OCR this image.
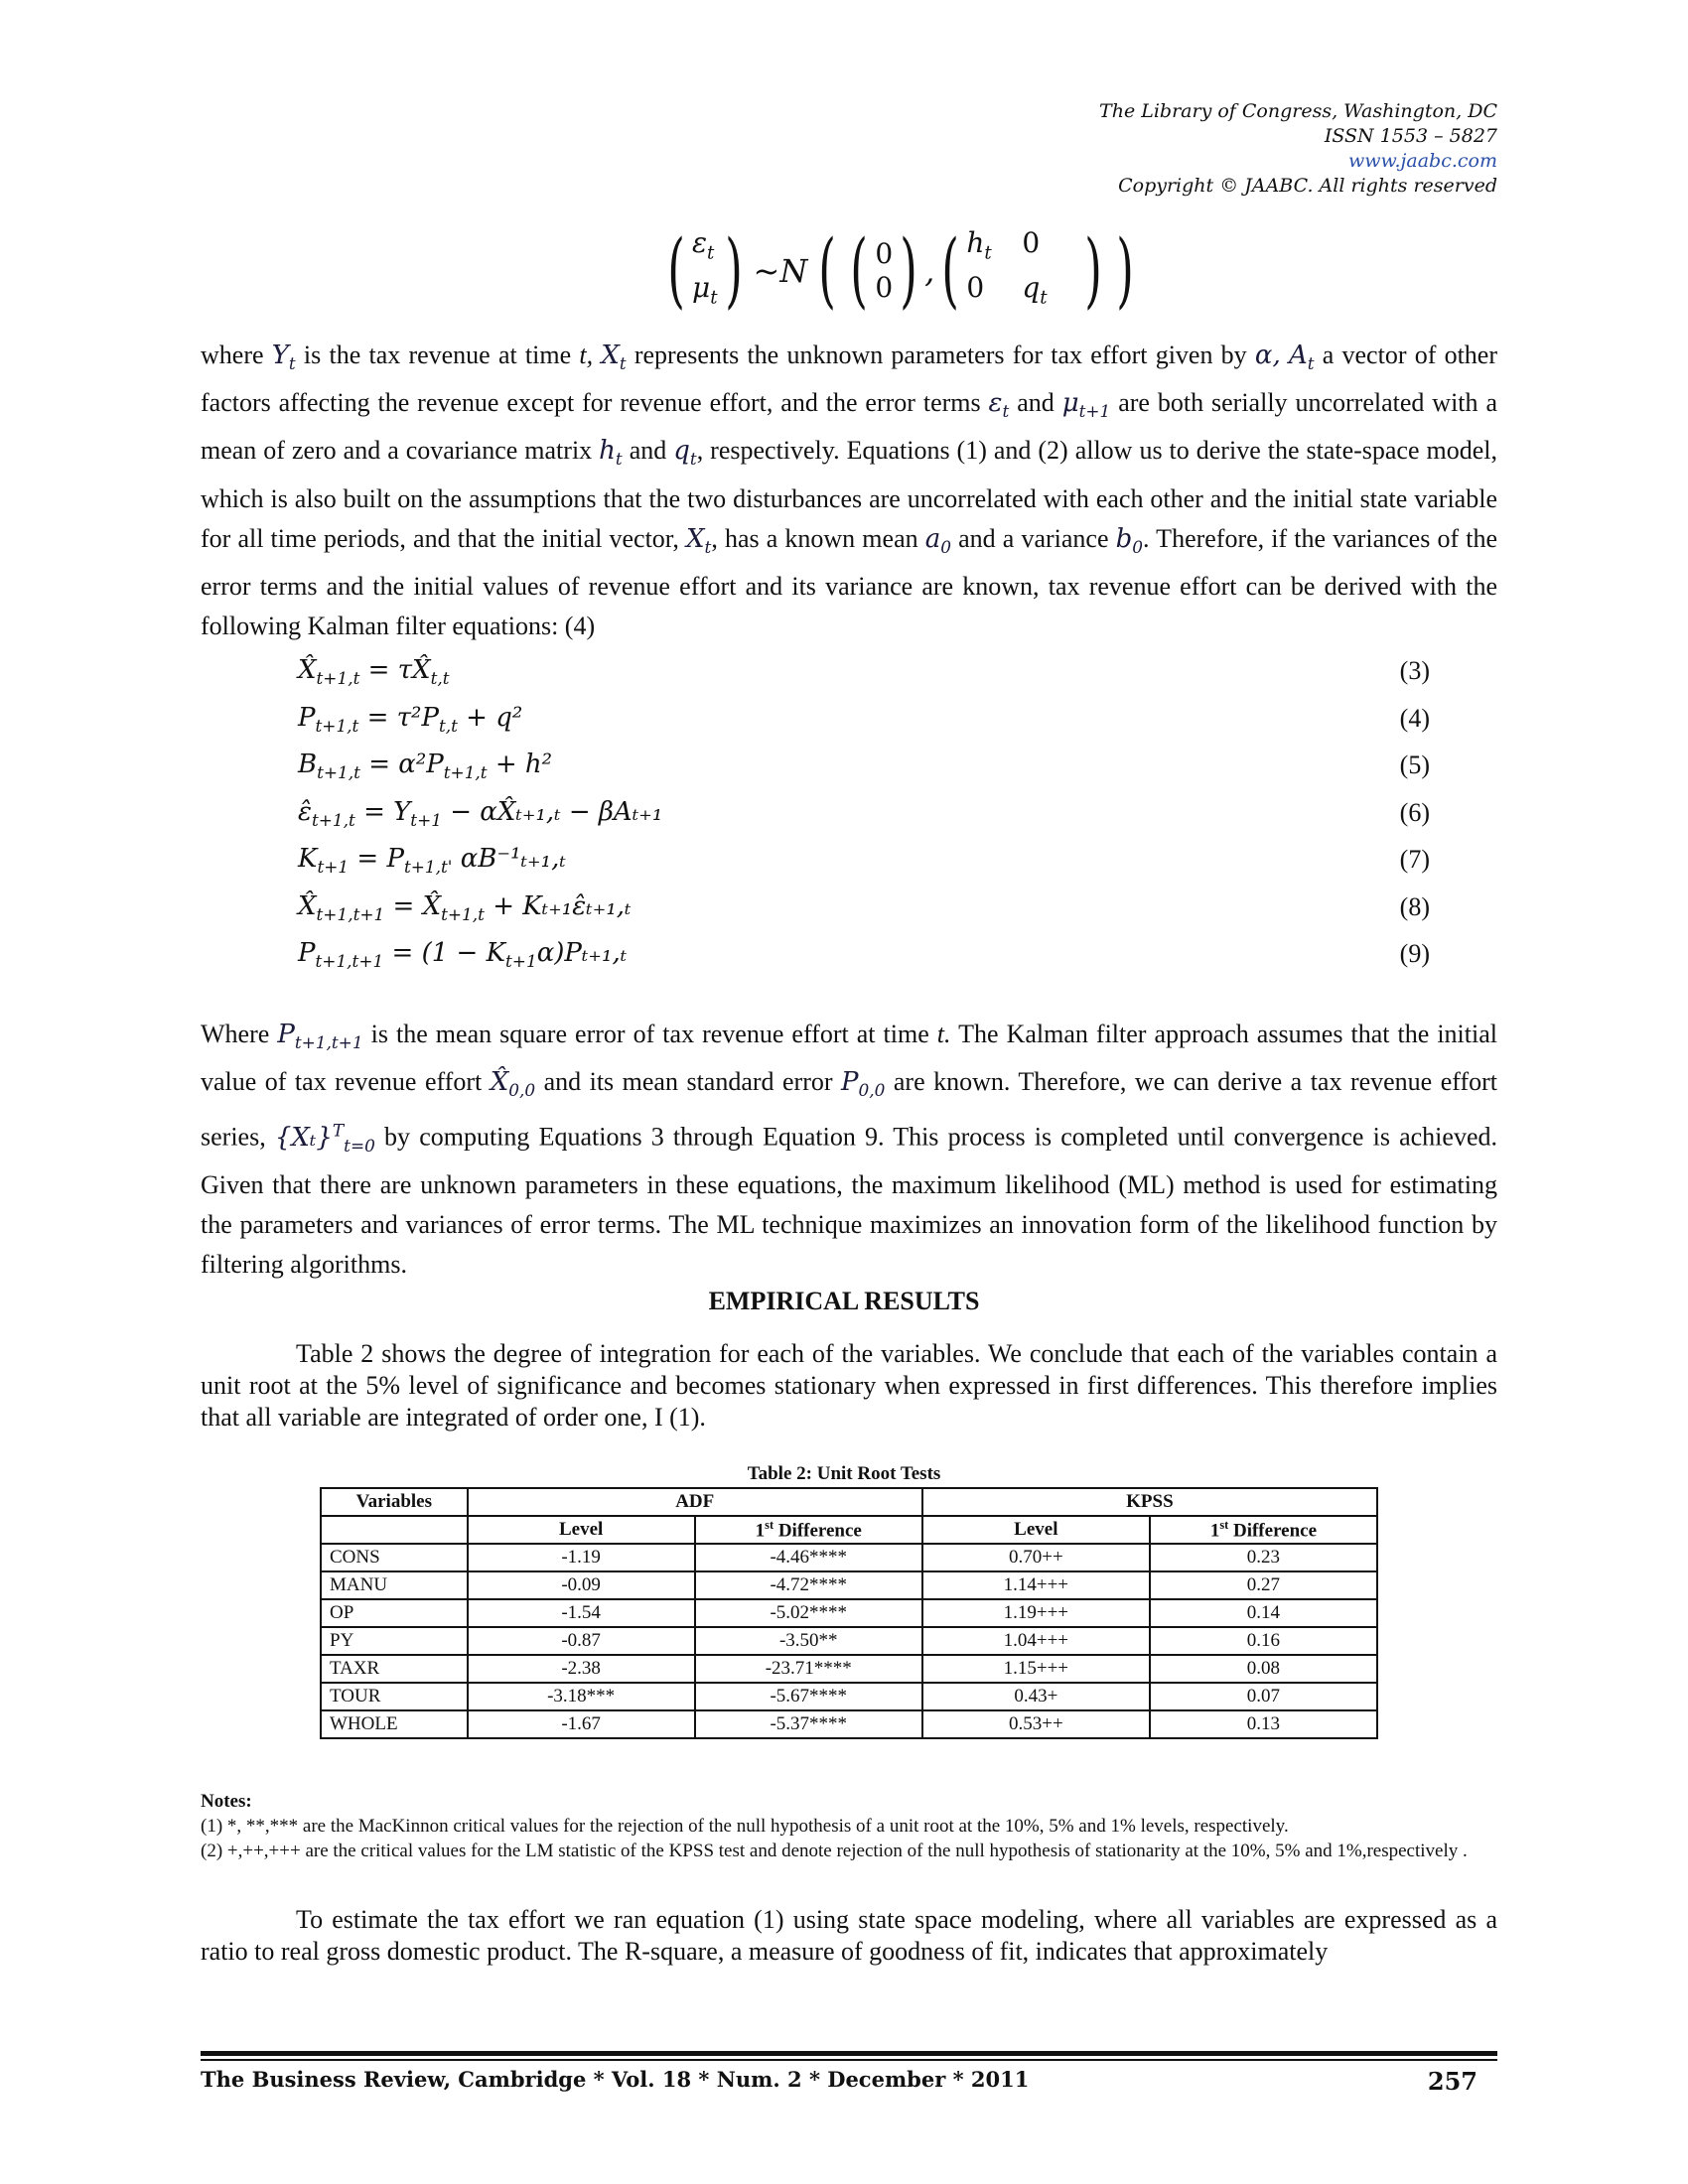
The Library of Congress, Washington, DC
ISSN 1553 – 5827
www.jaabc.com
Copyright © JAABC. All rights reserved
( $\varepsilon_t$
$\mu_t$ ) ~N ( ( 0
0 ) , ( $h_t$	0
0	$q_t$ ) )

where $Y_t$ is the tax revenue at time t, $X_t$ represents the unknown parameters for tax effort given by α, $A_t$ a vector of other factors affecting the revenue except for revenue effort, and the error terms $\varepsilon_t$ and $\mu_{t+1}$ are both serially uncorrelated with a mean of zero and a covariance matrix $h_t$ and $q_t$, respectively. Equations (1) and (2) allow us to derive the state-space model, which is also built on the assumptions that the two disturbances are uncorrelated with each other and the initial state variable for all time periods, and that the initial vector, $X_t$, has a known mean $a_0$ and a variance $b_0$. Therefore, if the variances of the error terms and the initial values of revenue effort and its variance are known, tax revenue effort can be derived with the following Kalman filter equations: (4)

$X̂_{t+1,t}$ = $\tau X̂_{t,t}$	(3)
$P_{t+1,t} = \tau^2P_{t,t} + q^2$	(4)
$B_{t+1,t} = \alpha^2P_{t+1,t} + h^2$	(5)
$\varepsilon̂_{t+1,t} = Y_{t+1}$ − αX̂ₜ₊₁,ₜ − βAₜ₊₁	(6)
$K_{t+1} = P_{t+1,t'}$ αB⁻¹ₜ₊₁,ₜ	(7)
$X̂_{t+1,t+1}$ = $X̂_{t+1,t}$ + Kₜ₊₁ε̂ₜ₊₁,ₜ	(8)
$P_{t+1,t+1} = (1 - K_{t+1}\alpha)P_{t+1},_t$	(9)

Where $P_{t+1,t+1}$ is the mean square error of tax revenue effort at time t. The Kalman filter approach assumes that the initial value of tax revenue effort $X̂_{0,0}$ and its mean standard error $P_{0,0}$ are known. Therefore, we can derive a tax revenue effort series, $\{X_t\}^T_{t=0}$ by computing Equations 3 through Equation 9. This process is completed until convergence is achieved. Given that there are unknown parameters in these equations, the maximum likelihood (ML) method is used for estimating the parameters and variances of error terms. The ML technique maximizes an innovation form of the likelihood function by filtering algorithms.

EMPIRICAL RESULTS

Table 2 shows the degree of integration for each of the variables. We conclude that each of the variables contain a unit root at the 5% level of significance and becomes stationary when expressed in first differences. This therefore implies that all variable are integrated of order one, I (1).

Table 2: Unit Root Tests
Variables	ADF		KPSS	
	Level	1st Difference	Level	1st Difference
CONS	-1.19	-4.46****	0.70++	0.23
MANU	-0.09	-4.72****	1.14+++	0.27
OP	-1.54	-5.02****	1.19+++	0.14
PY	-0.87	-3.50**	1.04+++	0.16
TAXR	-2.38	-23.71****	1.15+++	0.08
TOUR	-3.18***	-5.67****	0.43+	0.07
WHOLE	-1.67	-5.37****	0.53++	0.13
Notes:
(1) *, **,*** are the MacKinnon critical values for the rejection of the null hypothesis of a unit root at the 10%, 5% and 1% levels, respectively.
(2) +,++,+++ are the critical values for the LM statistic of the KPSS test and denote rejection of the null hypothesis of stationarity at the 10%, 5% and 1%,respectively .

To estimate the tax effort we ran equation (1) using state space modeling, where all variables are expressed as a ratio to real gross domestic product. The R-square, a measure of goodness of fit, indicates that approximately

The Business Review, Cambridge * Vol. 18 * Num. 2 * December * 2011	257
